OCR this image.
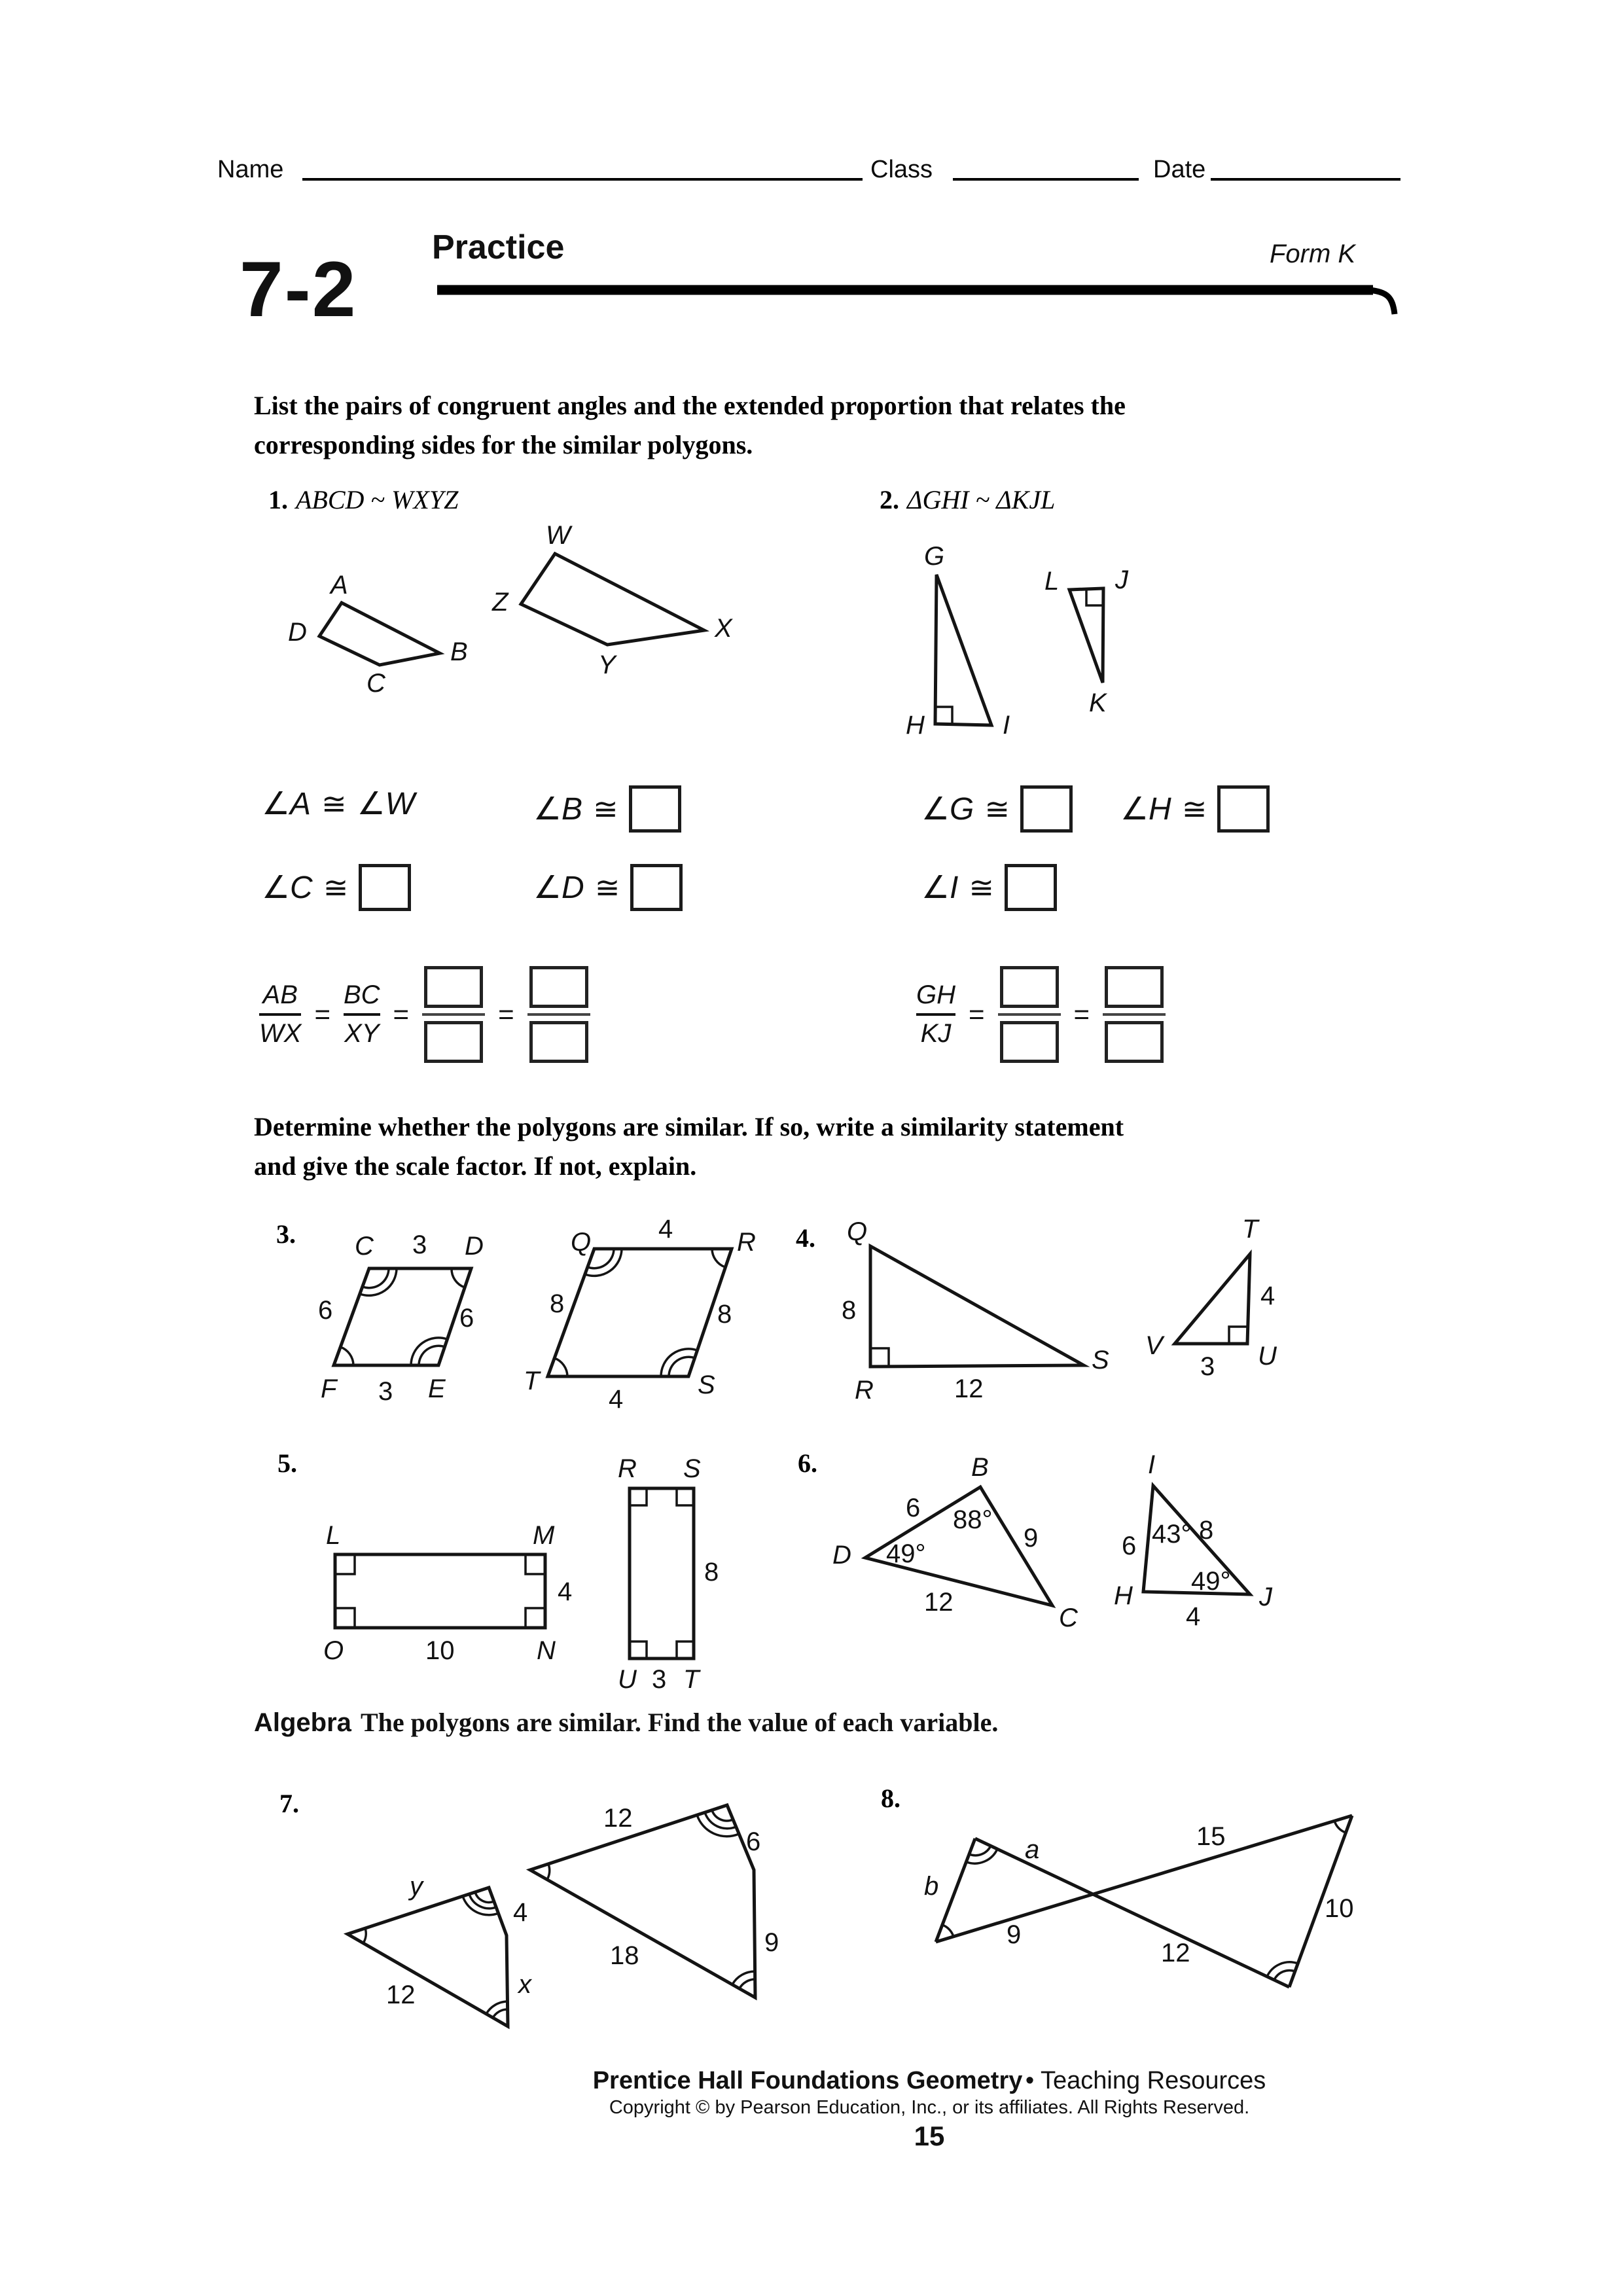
Name	Class	Date
7-2 Practice	Form K
List the pairs of congruent angles and the extended proportion that relates the
corresponding sides for the similar polygons.
1. ABCD ~ WXYZ	2. ΔGHI ~ ΔKJL
A
B
C
D
W
X
Y
Z
G
H	I
L J
K
∠A ≅ ∠W	∠B ≅	∠G ≅	∠H ≅
∠C ≅	∠D ≅	∠I ≅
$\frac{AB}{WX} = \frac{BC}{XY}$ =	=	$\frac{GH}{KJ}$ =	=
Determine whether the polygons are similar. If so, write a similarity statement
and give the scale factor. If not, explain.
3.	4.
C 3 D
6	6
F 3 E
Q	4 R
8	8
T
4	S
Q
8
R	12
S
T
4
U
V
3
5.	6.
L	M
4
N
10
O
R S
8
U 3 T
B
6 88°
D 49°
9
12
C
I
6 43° 8
H 49°
4
J
Algebra The polygons are similar. Find the value of each variable.
7.	8.
y
4
x
12
12
6
9
18
b
a
9
15
10
12
Prentice Hall Foundations Geometry • Teaching Resources
Copyright © by Pearson Education, Inc., or its affiliates. All Rights Reserved.
15
